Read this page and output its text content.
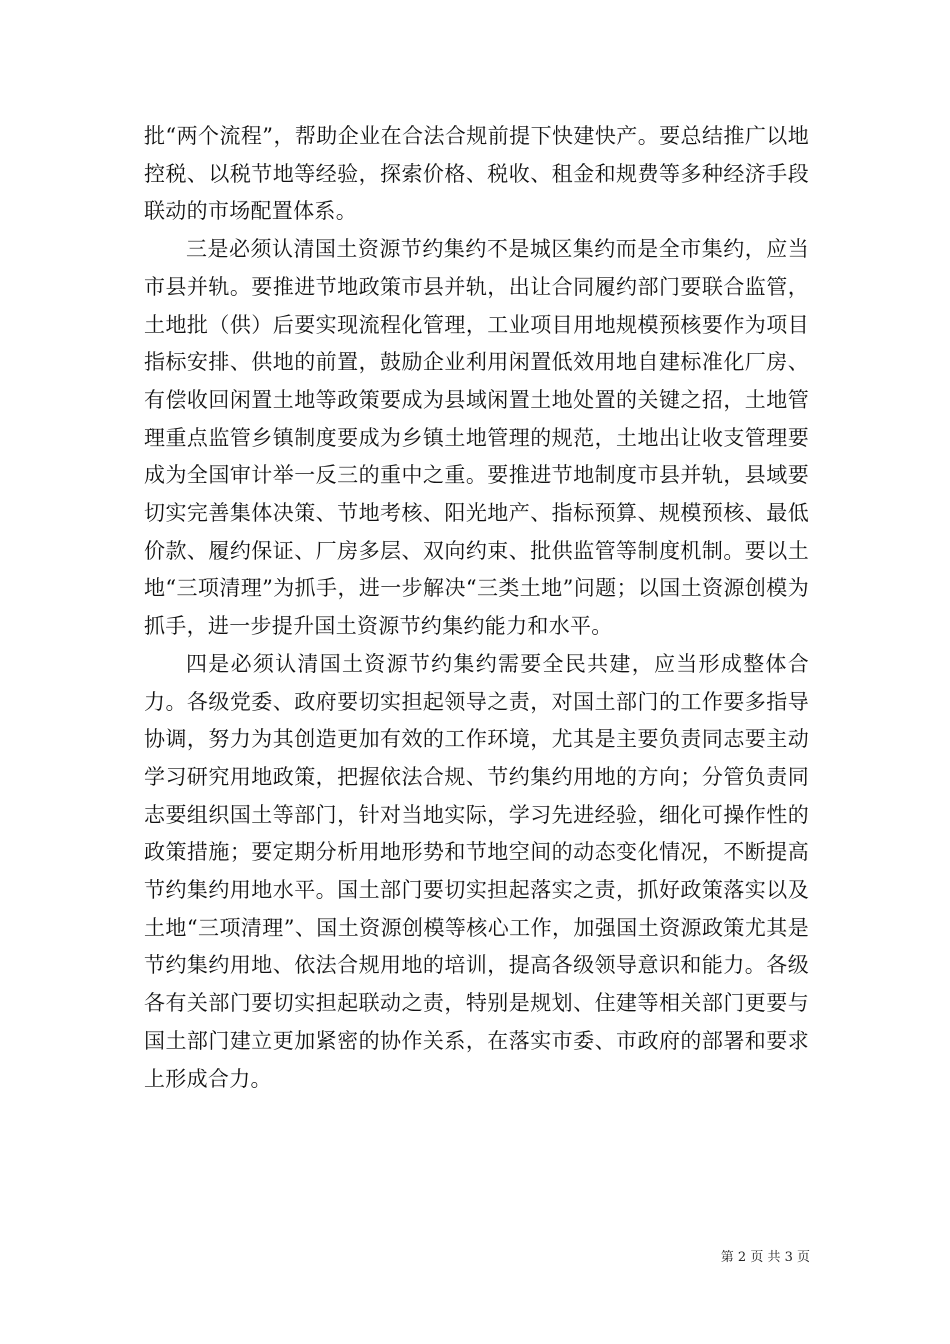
批“两个流程”，帮助企业在合法合规前提下快建快产。要总结推广以地控税、以税节地等经验，探索价格、税收、租金和规费等多种经济手段联动的市场配置体系。

三是必须认清国土资源节约集约不是城区集约而是全市集约，应当市县并轨。要推进节地政策市县并轨，出让合同履约部门要联合监管，土地批（供）后要实现流程化管理，工业项目用地规模预核要作为项目指标安排、供地的前置，鼓励企业利用闲置低效用地自建标准化厂房、有偿收回闲置土地等政策要成为县域闲置土地处置的关键之招，土地管理重点监管乡镇制度要成为乡镇土地管理的规范，土地出让收支管理要成为全国审计举一反三的重中之重。要推进节地制度市县并轨，县域要切实完善集体决策、节地考核、阳光地产、指标预算、规模预核、最低价款、履约保证、厂房多层、双向约束、批供监管等制度机制。要以土地“三项清理”为抓手，进一步解决“三类土地”问题；以国土资源创模为抓手，进一步提升国土资源节约集约能力和水平。

四是必须认清国土资源节约集约需要全民共建，应当形成整体合力。各级党委、政府要切实担起领导之责，对国土部门的工作要多指导协调，努力为其创造更加有效的工作环境，尤其是主要负责同志要主动学习研究用地政策，把握依法合规、节约集约用地的方向；分管负责同志要组织国土等部门，针对当地实际，学习先进经验，细化可操作性的政策措施；要定期分析用地形势和节地空间的动态变化情况，不断提高节约集约用地水平。国土部门要切实担起落实之责，抓好政策落实以及土地“三项清理”、国土资源创模等核心工作，加强国土资源政策尤其是节约集约用地、依法合规用地的培训，提高各级领导意识和能力。各级各有关部门要切实担起联动之责，特别是规划、住建等相关部门更要与国土部门建立更加紧密的协作关系，在落实市委、市政府的部署和要求上形成合力。

第 2 页 共 3 页
